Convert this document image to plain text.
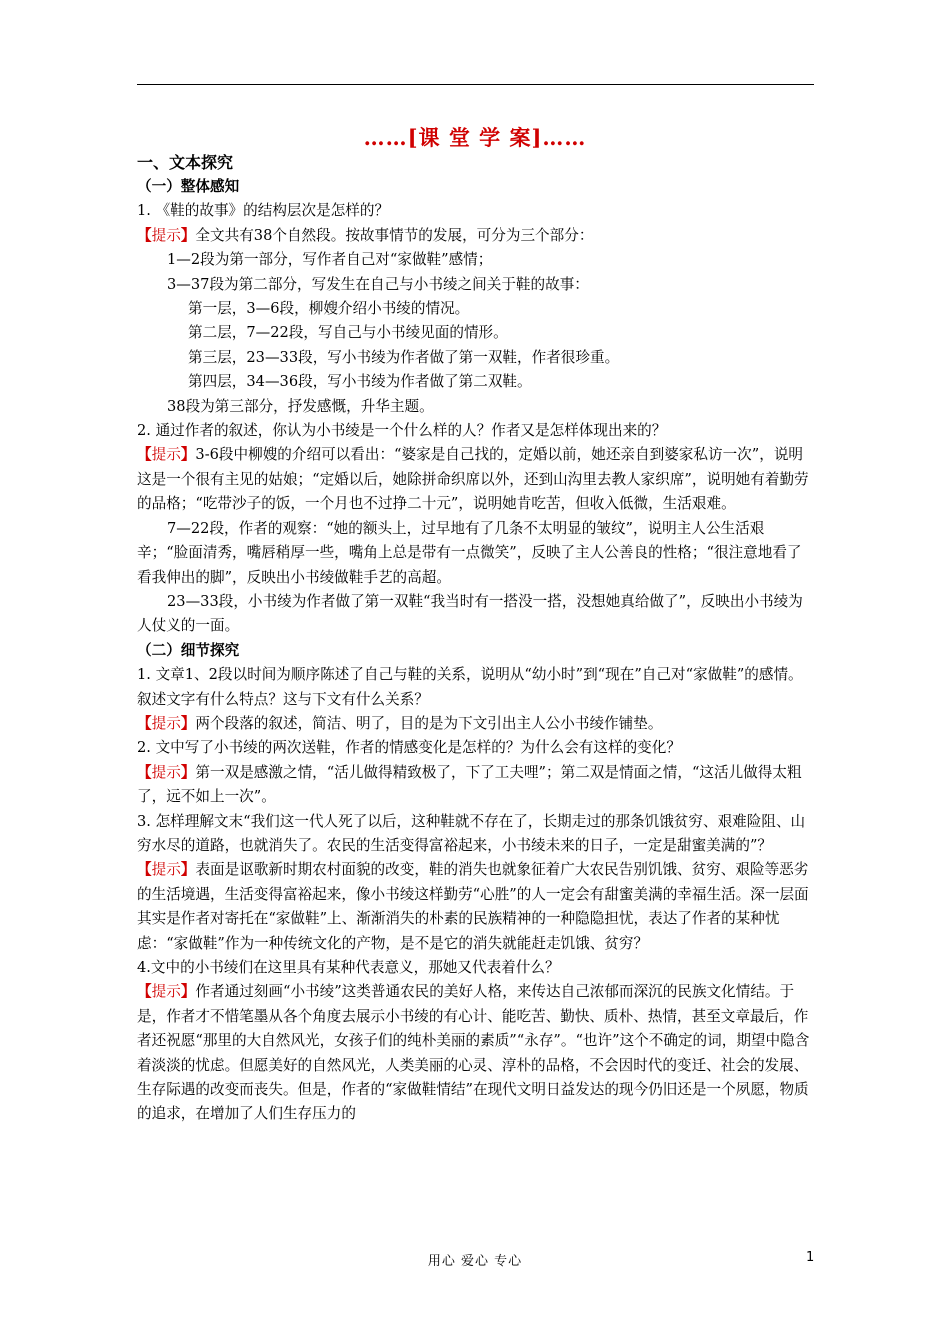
……[课 堂 学 案]……

一、文本探究

（一）整体感知

1. 《鞋的故事》的结构层次是怎样的？

【提示】全文共有38个自然段。按故事情节的发展，可分为三个部分：

1—2段为第一部分，写作者自己对“家做鞋”感情；

3—37段为第二部分，写发生在自己与小书绫之间关于鞋的故事：

第一层，3—6段，柳嫂介绍小书绫的情况。

第二层，7—22段，写自己与小书绫见面的情形。

第三层，23—33段，写小书绫为作者做了第一双鞋，作者很珍重。

第四层，34—36段，写小书绫为作者做了第二双鞋。

38段为第三部分，抒发感慨，升华主题。

2. 通过作者的叙述，你认为小书绫是一个什么样的人？作者又是怎样体现出来的？

【提示】3-6段中柳嫂的介绍可以看出：“婆家是自己找的，定婚以前，她还亲自到婆家私访一次”，说明这是一个很有主见的姑娘；“定婚以后，她除拼命织席以外，还到山沟里去教人家织席”，说明她有着勤劳的品格；“吃带沙子的饭，一个月也不过挣二十元”，说明她肯吃苦，但收入低微，生活艰难。

7—22段，作者的观察：“她的额头上，过早地有了几条不太明显的皱纹”，说明主人公生活艰辛；“脸面清秀，嘴唇稍厚一些，嘴角上总是带有一点微笑”，反映了主人公善良的性格；“很注意地看了看我伸出的脚”，反映出小书绫做鞋手艺的高超。

23—33段，小书绫为作者做了第一双鞋“我当时有一搭没一搭，没想她真给做了”，反映出小书绫为人仗义的一面。

（二）细节探究

1. 文章1、2段以时间为顺序陈述了自己与鞋的关系，说明从“幼小时”到“现在”自己对“家做鞋”的感情。叙述文字有什么特点？这与下文有什么关系？

【提示】两个段落的叙述，简洁、明了，目的是为下文引出主人公小书绫作铺垫。

2. 文中写了小书绫的两次送鞋，作者的情感变化是怎样的？为什么会有这样的变化？

【提示】第一双是感激之情，“活儿做得精致极了，下了工夫哩”；第二双是情面之情，“这活儿做得太粗了，远不如上一次”。

3. 怎样理解文末“我们这一代人死了以后，这种鞋就不存在了，长期走过的那条饥饿贫穷、艰难险阻、山穷水尽的道路，也就消失了。农民的生活变得富裕起来，小书绫未来的日子，一定是甜蜜美满的”？

【提示】表面是讴歌新时期农村面貌的改变，鞋的消失也就象征着广大农民告别饥饿、贫穷、艰险等恶劣的生活境遇，生活变得富裕起来，像小书绫这样勤劳“心胜”的人一定会有甜蜜美满的幸福生活。深一层面其实是作者对寄托在“家做鞋”上、渐渐消失的朴素的民族精神的一种隐隐担忧，表达了作者的某种忧虑：“家做鞋”作为一种传统文化的产物，是不是它的消失就能赶走饥饿、贫穷？

4.文中的小书绫们在这里具有某种代表意义，那她又代表着什么？

【提示】作者通过刻画“小书绫”这类普通农民的美好人格，来传达自己浓郁而深沉的民族文化情结。于是，作者才不惜笔墨从各个角度去展示小书绫的有心计、能吃苦、勤快、质朴、热情，甚至文章最后，作者还祝愿“那里的大自然风光，女孩子们的纯朴美丽的素质”“永存”。“也许”这个不确定的词，期望中隐含着淡淡的忧虑。但愿美好的自然风光，人类美丽的心灵、淳朴的品格，不会因时代的变迁、社会的发展、生存际遇的改变而丧失。但是，作者的“家做鞋情结”在现代文明日益发达的现今仍旧还是一个夙愿，物质的追求，在增加了人们生存压力的

用心 爱心 专心	1
